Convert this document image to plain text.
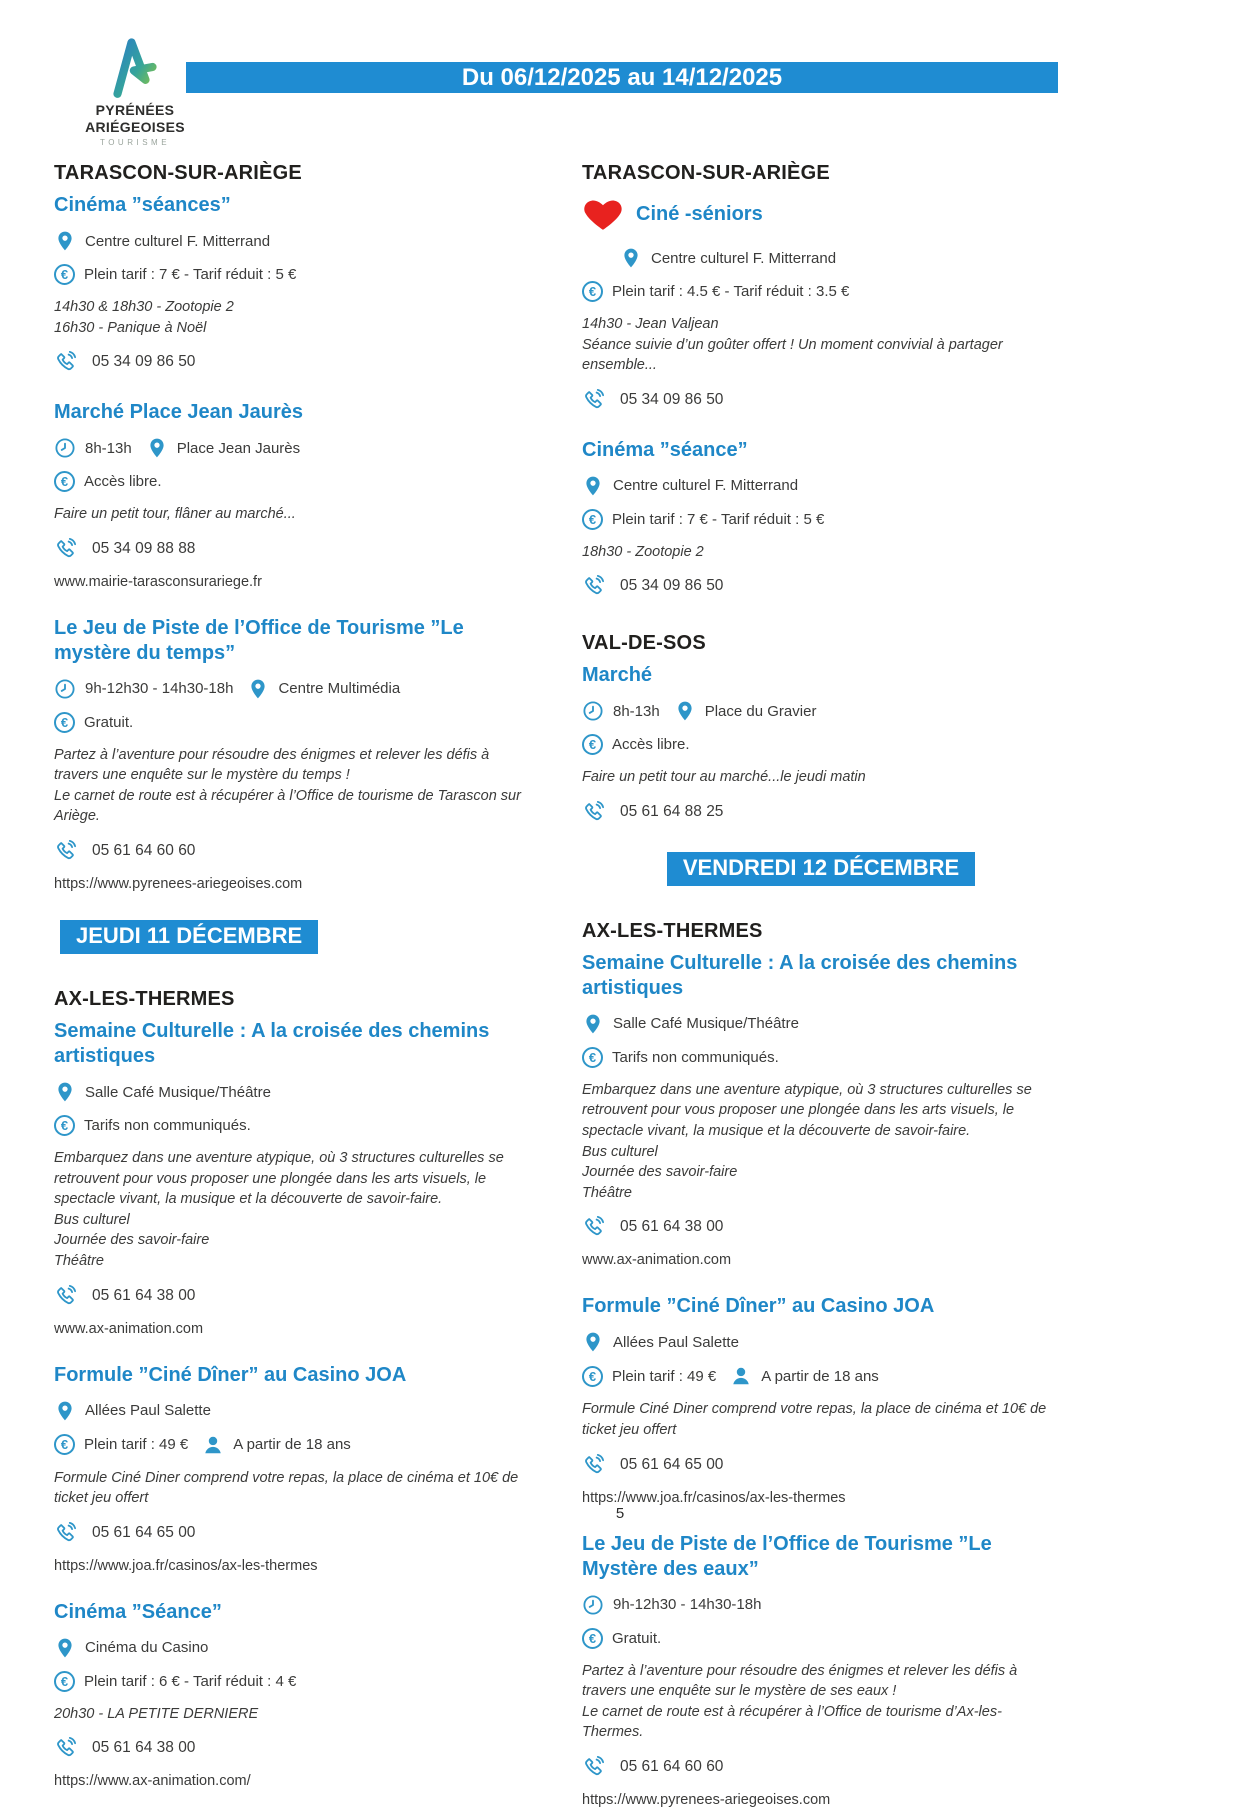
PYRÉNÉES
ARIÉGEOISES
TOURISME
Du 06/12/2025 au 14/12/2025
TARASCON-SUR-ARIÈGE
Cinéma ”séances”
Centre culturel F. Mitterrand
€	Plein tarif : 7 € - Tarif réduit : 5 €
14h30 & 18h30 - Zootopie 2
16h30 - Panique à Noël
05 34 09 86 50
Marché Place Jean Jaurès
8h-13h	Place Jean Jaurès
€	Accès libre.
Faire un petit tour, flâner au marché...
05 34 09 88 88
www.mairie-tarasconsurariege.fr
Le Jeu de Piste de l’Office de Tourisme ”Le mystère du temps”
9h-12h30 - 14h30-18h	Centre Multimédia
€	Gratuit.
Partez à l’aventure pour résoudre des énigmes et relever les défis à travers une enquête sur le mystère du temps !
Le carnet de route est à récupérer à l’Office de tourisme de Tarascon sur Ariège.
05 61 64 60 60
https://www.pyrenees-ariegeoises.com
JEUDI 11 DÉCEMBRE
AX-LES-THERMES
Semaine Culturelle : A la croisée des chemins artistiques
Salle Café Musique/Théâtre
€	Tarifs non communiqués.
Embarquez dans une aventure atypique, où 3 structures culturelles se retrouvent pour vous proposer une plongée dans les arts visuels, le spectacle vivant, la musique et la découverte de savoir-faire.
Bus culturel
Journée des savoir-faire
Théâtre
05 61 64 38 00
www.ax-animation.com
Formule ”Ciné Dîner” au Casino JOA
Allées Paul Salette
€	Plein tarif : 49 €	A partir de 18 ans
Formule Ciné Diner comprend votre repas, la place de cinéma et 10€ de ticket jeu offert
05 61 64 65 00
https://www.joa.fr/casinos/ax-les-thermes
Cinéma ”Séance”
Cinéma du Casino
€	Plein tarif : 6 € - Tarif réduit : 4 €
20h30 - LA PETITE DERNIERE
05 61 64 38 00
https://www.ax-animation.com/
TARASCON-SUR-ARIÈGE
Ciné -séniors
Centre culturel F. Mitterrand
€	Plein tarif : 4.5 € - Tarif réduit : 3.5 €
14h30 - Jean Valjean
Séance suivie d’un goûter offert ! Un moment convivial à partager ensemble...
05 34 09 86 50
Cinéma ”séance”
Centre culturel F. Mitterrand
€	Plein tarif : 7 € - Tarif réduit : 5 €
18h30 - Zootopie 2
05 34 09 86 50
VAL-DE-SOS
Marché
8h-13h	Place du Gravier
€	Accès libre.
Faire un petit tour au marché...le jeudi matin
05 61 64 88 25
VENDREDI 12 DÉCEMBRE
AX-LES-THERMES
Semaine Culturelle : A la croisée des chemins artistiques
Salle Café Musique/Théâtre
€	Tarifs non communiqués.
Embarquez dans une aventure atypique, où 3 structures culturelles se retrouvent pour vous proposer une plongée dans les arts visuels, le spectacle vivant, la musique et la découverte de savoir-faire.
Bus culturel
Journée des savoir-faire
Théâtre
05 61 64 38 00
www.ax-animation.com
Formule ”Ciné Dîner” au Casino JOA
Allées Paul Salette
€	Plein tarif : 49 €	A partir de 18 ans
Formule Ciné Diner comprend votre repas, la place de cinéma et 10€ de ticket jeu offert
05 61 64 65 00
https://www.joa.fr/casinos/ax-les-thermes
Le Jeu de Piste de l’Office de Tourisme ”Le Mystère des eaux”
9h-12h30 - 14h30-18h
€	Gratuit.
Partez à l’aventure pour résoudre des énigmes et relever les défis à travers une enquête sur le mystère de ses eaux !
Le carnet de route est à récupérer à l’Office de tourisme d’Ax-les-Thermes.
05 61 64 60 60
https://www.pyrenees-ariegeoises.com
5
